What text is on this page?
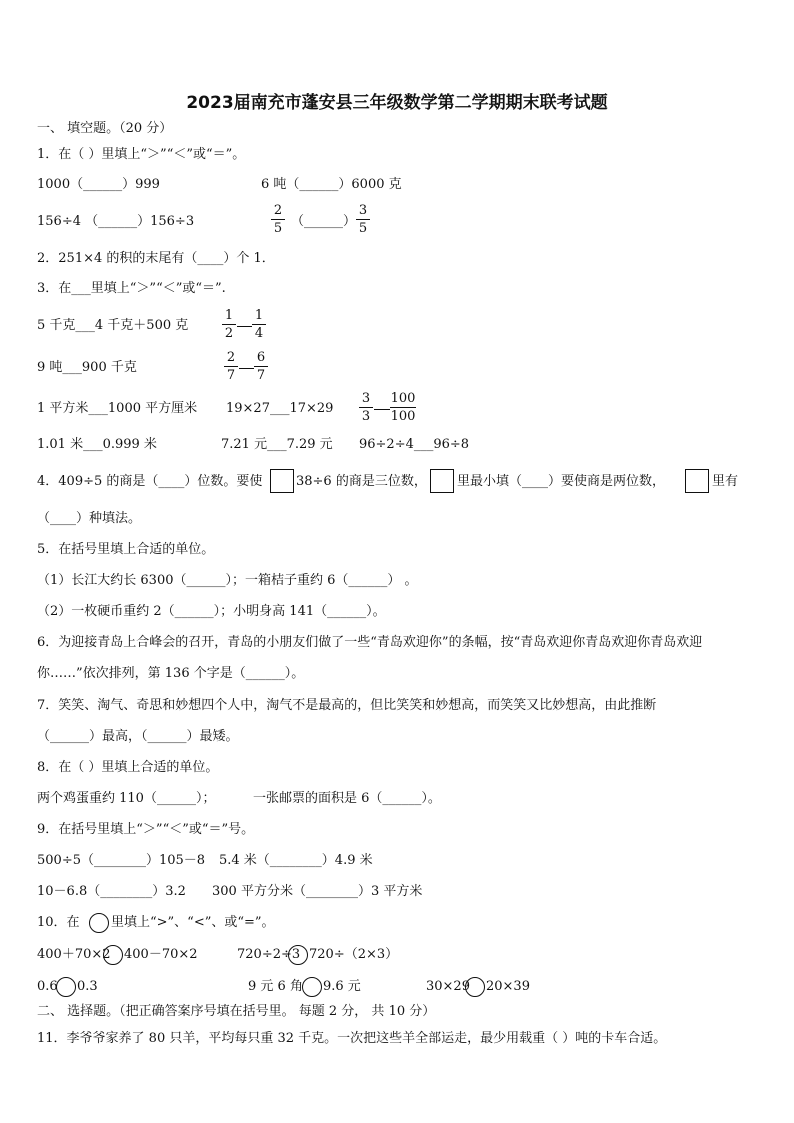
2023届南充市蓬安县三年级数学第二学期期末联考试题
一、 填空题。（20 分）
1．在（ ）里填上“＞”“＜”或“＝”。
1000（______）999	6 吨（______）6000 克
156÷4 （______）156÷3
2
5 （______）
3
5
2．251×4 的积的末尾有（____）个 1．
3．在___里填上“＞”“＜”或“＝”.
5 千克___4 千克＋500 克
1
2
1
4
9 吨___900 千克
2
7
6
7
1 平方米___1000 平方厘米 19×27___17×29
3
3
100
100
1.01 米___0.999 米	7.21 元___7.29 元 96÷2÷4___96÷8
4．409÷5 的商是（____）位数。要使	38÷6 的商是三位数， 里最小填（____）要使商是两位数，	里有
（____）种填法。
5．在括号里填上合适的单位。
（1）长江大约长 6300（______）；一箱桔子重约 6（______） 。
（2）一枚硬币重约 2（______）；小明身高 141（______）。
6．为迎接青岛上合峰会的召开，青岛的小朋友们做了一些“青岛欢迎你”的条幅，按“青岛欢迎你青岛欢迎你青岛欢迎
你……”依次排列，第 136 个字是（______）。
7．笑笑、淘气、奇思和妙想四个人中，淘气不是最高的，但比笑笑和妙想高，而笑笑又比妙想高，由此推断
（______）最高，（______）最矮。
8．在（ ）里填上合适的单位。
两个鸡蛋重约 110（______）；	一张邮票的面积是 6（______）。
9．在括号里填上“＞”“＜”或“＝”号。
500÷5（________）105－8 5.4 米（________）4.9 米
10－6.8（________）3.2 300 平方分米（________）3 平方米
10．在 里填上“>”、“<”、或“=”。
400＋70×2 400－70×2	720÷2÷3 720÷（2×3）
0.6 0.3	9 元 6 角 9.6 元	30×29 20×39
二、 选择题。（把正确答案序号填在括号里。 每题 2 分， 共 10 分）
11．李爷爷家养了 80 只羊，平均每只重 32 千克。一次把这些羊全部运走，最少用载重（ ）吨的卡车合适。
